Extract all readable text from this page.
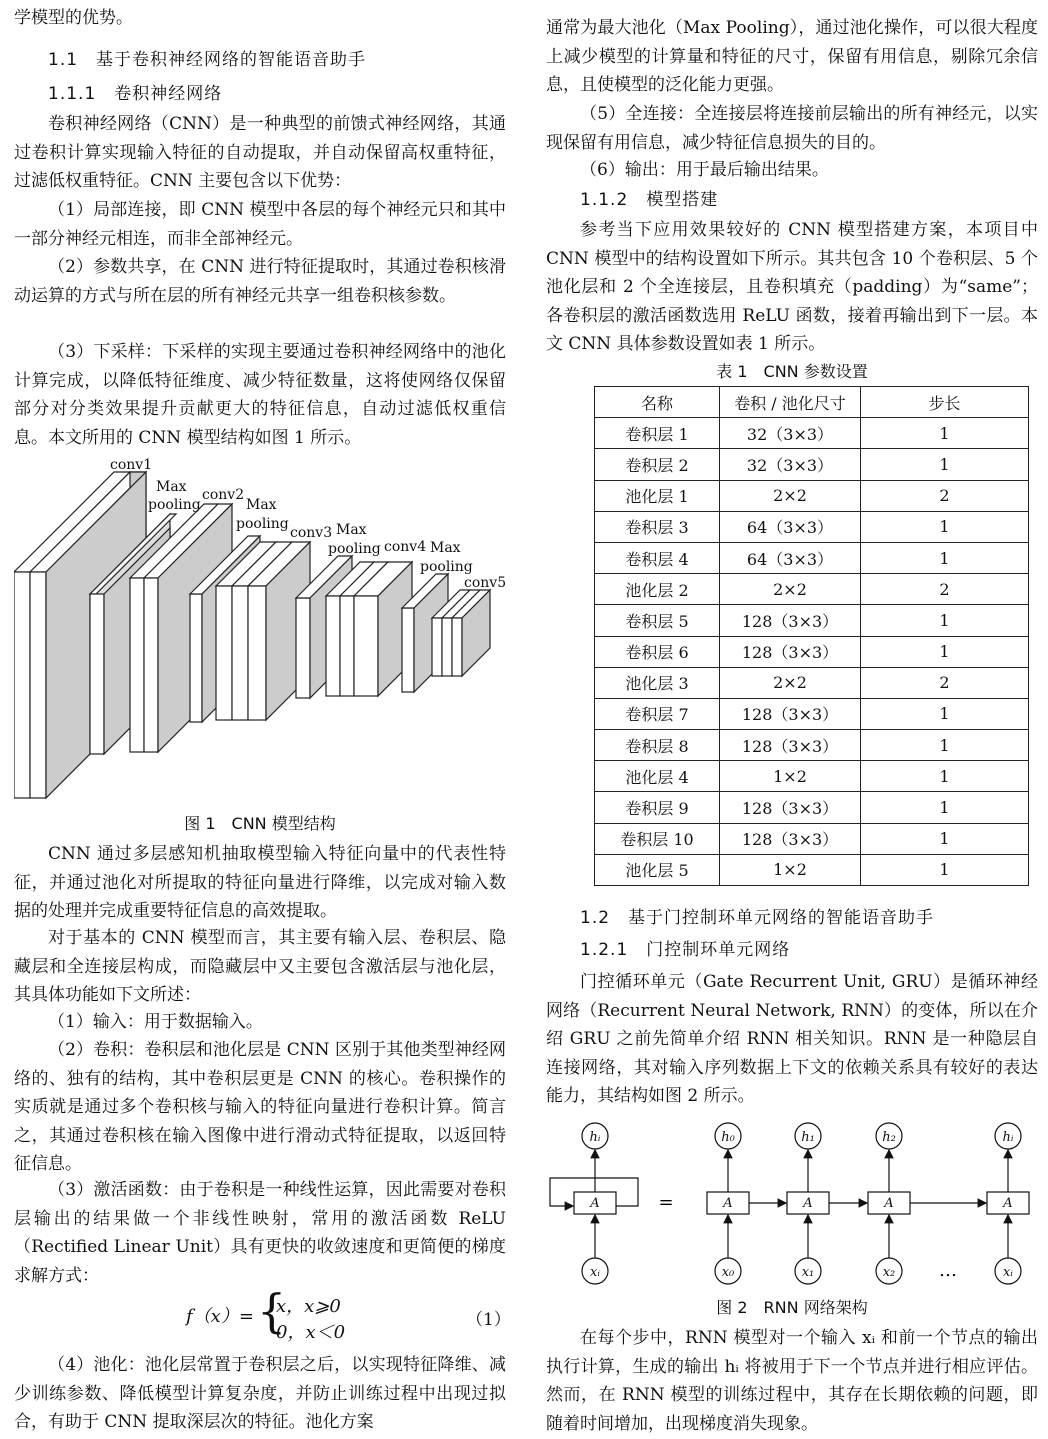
学模型的优势。

1.1　基于卷积神经网络的智能语音助手

1.1.1　卷积神经网络

卷积神经网络（CNN）是一种典型的前馈式神经网络，其通过卷积计算实现输入特征的自动提取，并自动保留高权重特征，过滤低权重特征。CNN 主要包含以下优势：

（1）局部连接，即 CNN 模型中各层的每个神经元只和其中一部分神经元相连，而非全部神经元。

（2）参数共享，在 CNN 进行特征提取时，其通过卷积核滑动运算的方式与所在层的所有神经元共享一组卷积核参数。

（3）下采样：下采样的实现主要通过卷积神经网络中的池化计算完成，以降低特征维度、减少特征数量，这将使网络仅保留部分对分类效果提升贡献更大的特征信息，自动过滤低权重信息。本文所用的 CNN 模型结构如图 1 所示。

conv1
Max
pooling
conv2
Max
pooling
conv3 Max
pooling conv4 Max
pooling
conv5

图 1　CNN 模型结构

CNN 通过多层感知机抽取模型输入特征向量中的代表性特征，并通过池化对所提取的特征向量进行降维，以完成对输入数据的处理并完成重要特征信息的高效提取。

对于基本的 CNN 模型而言，其主要有输入层、卷积层、隐藏层和全连接层构成，而隐藏层中又主要包含激活层与池化层，其具体功能如下文所述：

（1）输入：用于数据输入。

（2）卷积：卷积层和池化层是 CNN 区别于其他类型神经网络的、独有的结构，其中卷积层更是 CNN 的核心。卷积操作的实质就是通过多个卷积核与输入的特征向量进行卷积计算。简言之，其通过卷积核在输入图像中进行滑动式特征提取，以返回特征信息。

（3）激活函数：由于卷积是一种线性运算，因此需要对卷积层输出的结果做一个非线性映射，常用的激活函数 ReLU（Rectified Linear Unit）具有更快的收敛速度和更简便的梯度求解方式：

f（x）= {
x，x⩾0
0，x＜0
（1）

（4）池化：池化层常置于卷积层之后，以实现特征降维、减少训练参数、降低模型计算复杂度，并防止训练过程中出现过拟合，有助于 CNN 提取深层次的特征。池化方案

通常为最大池化（Max Pooling），通过池化操作，可以很大程度上减少模型的计算量和特征的尺寸，保留有用信息，剔除冗余信息，且使模型的泛化能力更强。

（5）全连接：全连接层将连接前层输出的所有神经元，以实现保留有用信息，减少特征信息损失的目的。

（6）输出：用于最后输出结果。

1.1.2　模型搭建

参考当下应用效果较好的 CNN 模型搭建方案，本项目中 CNN 模型中的结构设置如下所示。其共包含 10 个卷积层、5 个池化层和 2 个全连接层，且卷积填充（padding）为“same”；各卷积层的激活函数选用 ReLU 函数，接着再输出到下一层。本文 CNN 具体参数设置如表 1 所示。

表 1　CNN 参数设置

名称	卷积 / 池化尺寸	步长
卷积层 1	32（3×3）	1
卷积层 2	32（3×3）	1
池化层 1	2×2	2
卷积层 3	64（3×3）	1
卷积层 4	64（3×3）	1
池化层 2	2×2	2
卷积层 5	128（3×3）	1
卷积层 6	128（3×3）	1
池化层 3	2×2	2
卷积层 7	128（3×3）	1
卷积层 8	128（3×3）	1
池化层 4	1×2	1
卷积层 9	128（3×3）	1
卷积层 10	128（3×3）	1
池化层 5	1×2	1

1.2　基于门控制环单元网络的智能语音助手

1.2.1　门控制环单元网络

门控循环单元（Gate Recurrent Unit, GRU）是循环神经网络（Recurrent Neural Network, RNN）的变体，所以在介绍 GRU 之前先简单介绍 RNN 相关知识。RNN 是一种隐层自连接网络，其对输入序列数据上下文的依赖关系具有较好的表达能力，其结构如图 2 所示。

A	A	A	A	A
hᵢ	h₀	h₁	h₂	hᵢ
xᵢ	x₀	x₁	x₂	xᵢ
=
…

图 2　RNN 网络架构

在每个步中，RNN 模型对一个输入 xᵢ 和前一个节点的输出执行计算，生成的输出 hᵢ 将被用于下一个节点并进行相应评估。然而，在 RNN 模型的训练过程中，其存在长期依赖的问题，即随着时间增加，出现梯度消失现象。
